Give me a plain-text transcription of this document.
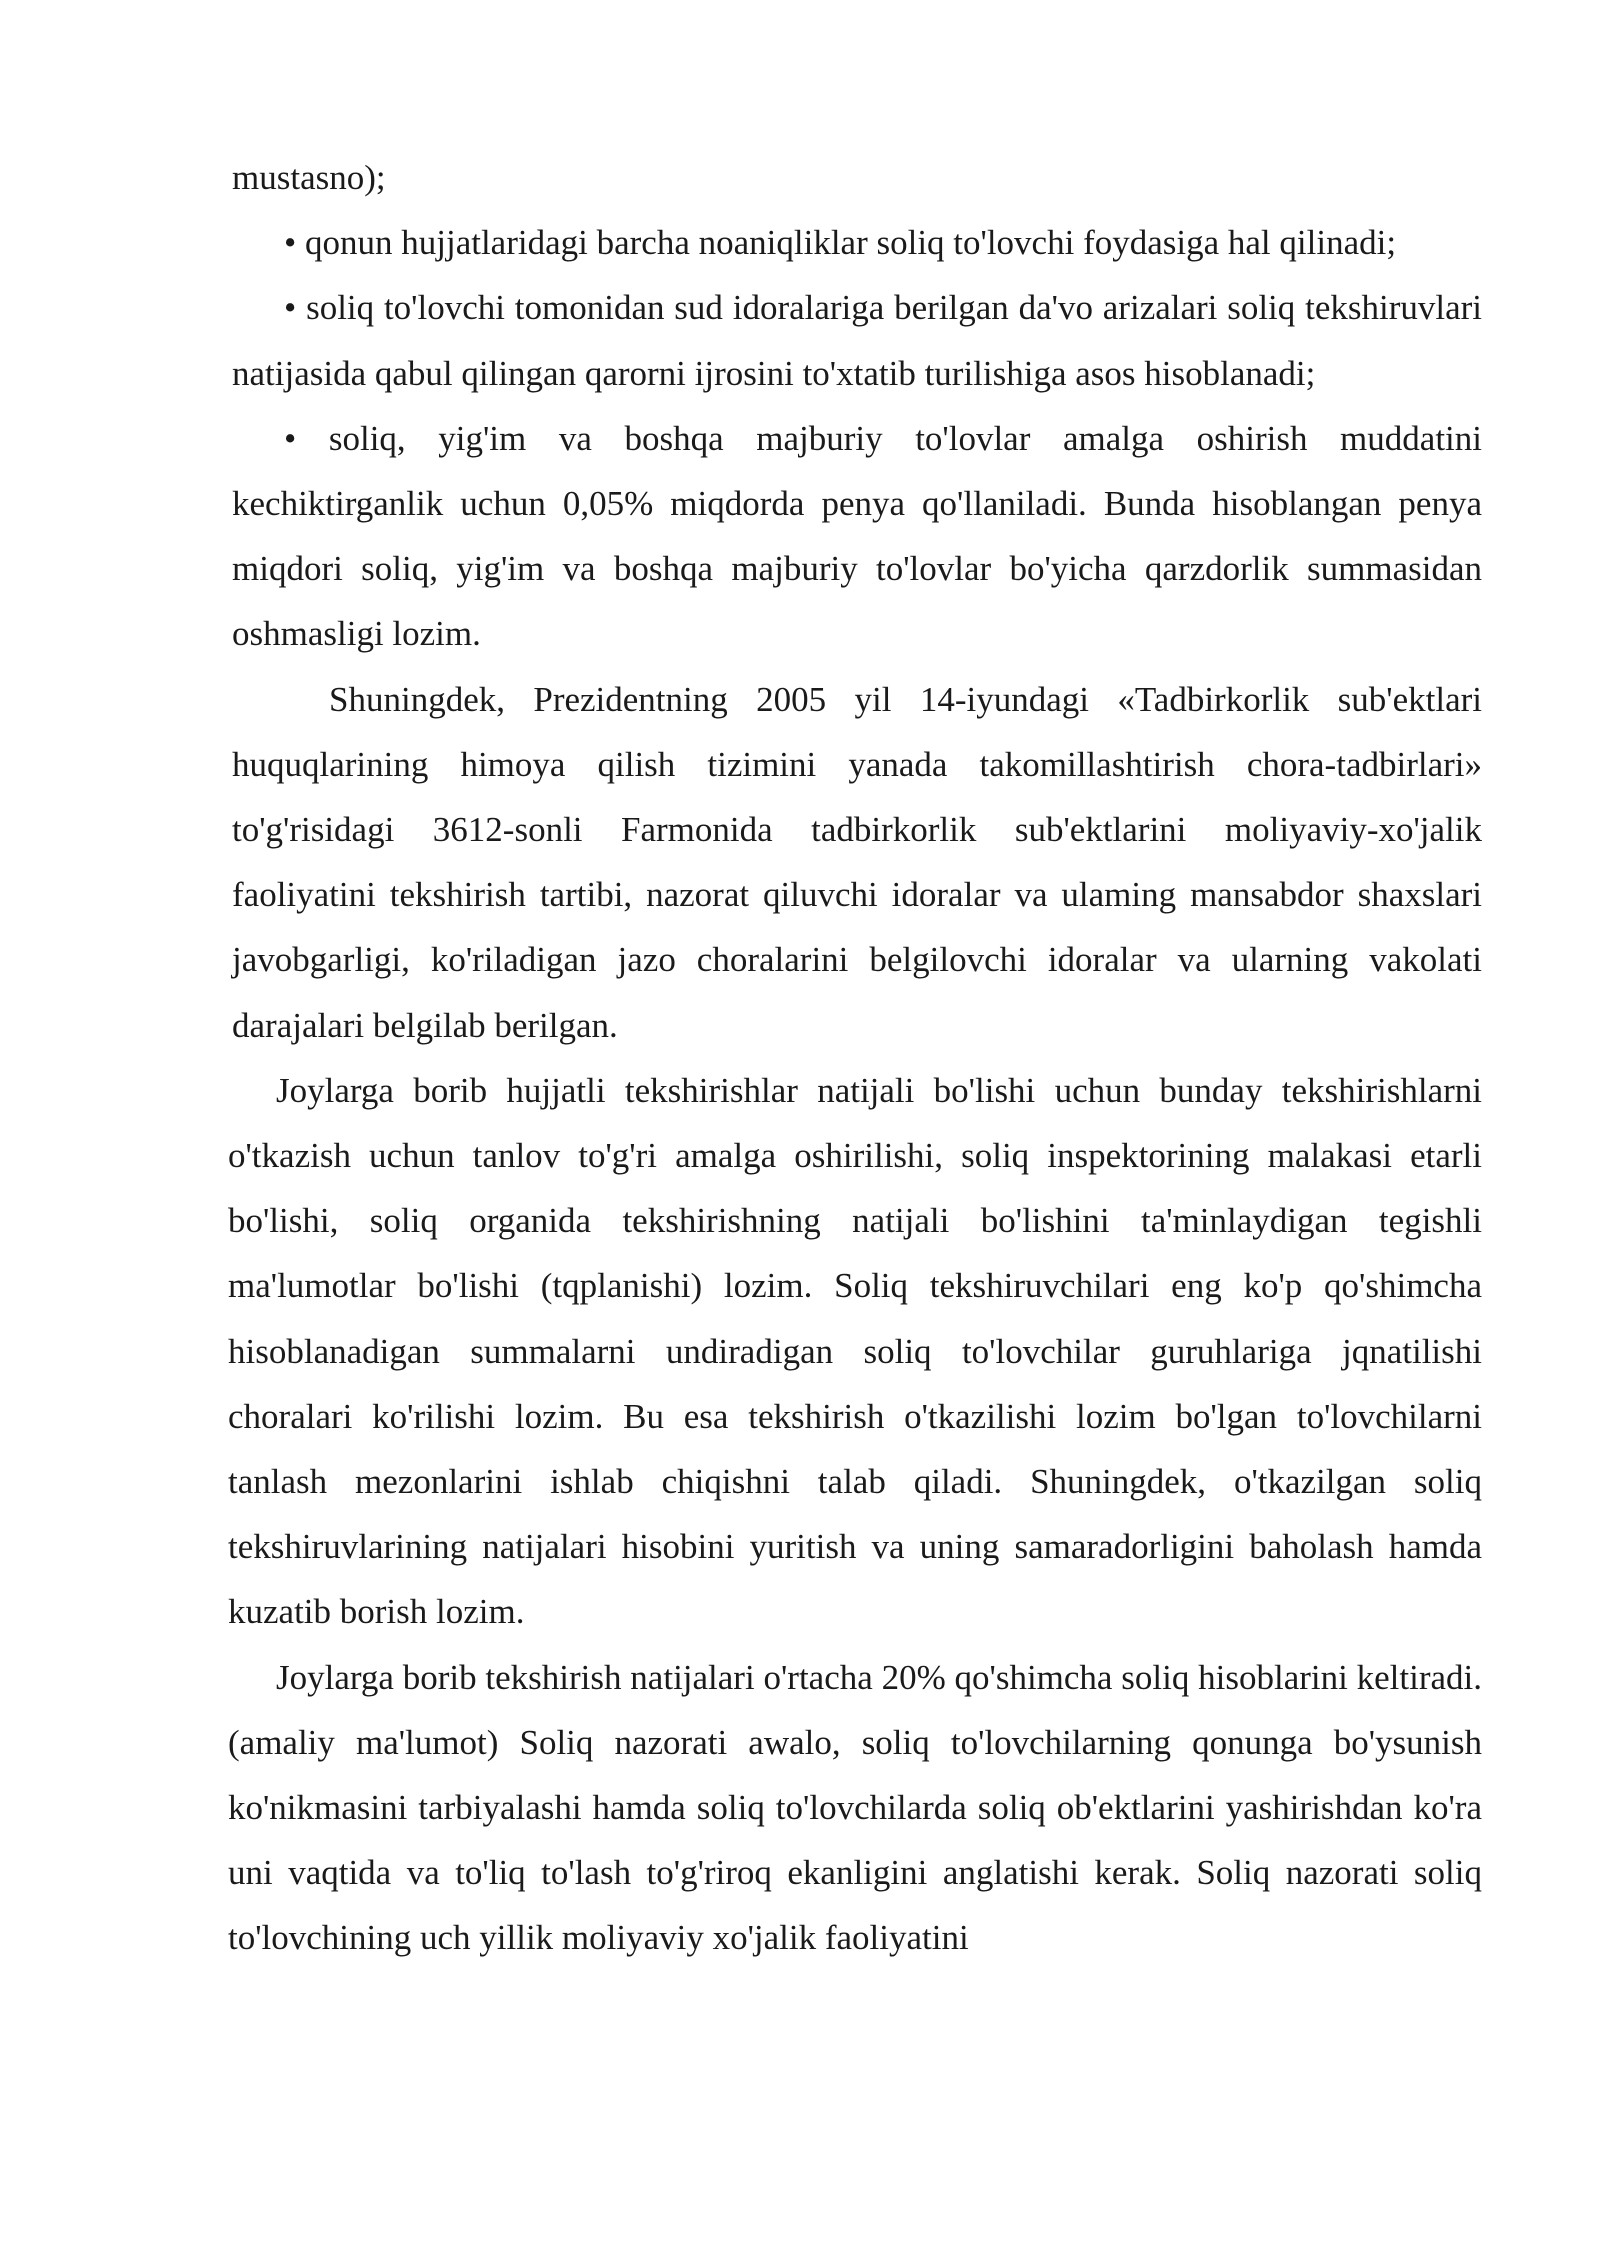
mustasno);

• qonun hujjatlaridagi barcha noaniqliklar soliq to'lovchi foydasiga hal qilinadi;

• soliq to'lovchi tomonidan sud idoralariga berilgan da'vo arizalari soliq tekshiruvlari natijasida qabul qilingan qarorni ijrosini to'xtatib turilishiga asos hisoblanadi;

• soliq, yig'im va boshqa majburiy to'lovlar amalga oshirish muddatini kechiktirganlik uchun 0,05% miqdorda penya qo'llaniladi. Bunda hisoblangan penya miqdori soliq, yig'im va boshqa majburiy to'lovlar bo'yicha qarzdorlik summasidan oshmasligi lozim.

Shuningdek, Prezidentning 2005 yil 14-iyundagi «Tadbirkorlik sub'ektlari huquqlarining himoya qilish tizimini yanada takomillashtirish chora-tadbirlari» to'g'risidagi 3612-sonli Farmonida tadbirkorlik sub'ektlarini moliyaviy-xo'jalik faoliyatini tekshirish tartibi, nazorat qiluvchi idoralar va ulaming mansabdor shaxslari javobgarligi, ko'riladigan jazo choralarini belgilovchi idoralar va ularning vakolati darajalari belgilab berilgan.

Joylarga borib hujjatli tekshirishlar natijali bo'lishi uchun bunday tekshirishlarni o'tkazish uchun tanlov to'g'ri amalga oshirilishi, soliq inspektorining malakasi etarli bo'lishi, soliq organida tekshirishning natijali bo'lishini ta'minlaydigan tegishli ma'lumotlar bo'lishi (tqplanishi) lozim. Soliq tekshiruvchilari eng ko'p qo'shimcha hisoblanadigan summalarni undiradigan soliq to'lovchilar guruhlariga jqnatilishi choralari ko'rilishi lozim. Bu esa tekshirish o'tkazilishi lozim bo'lgan to'lovchilarni tanlash mezonlarini ishlab chiqishni talab qiladi. Shuningdek, o'tkazilgan soliq tekshiruvlarining natijalari hisobini yuritish va uning samaradorligini baholash hamda kuzatib borish lozim.

Joylarga borib tekshirish natijalari o'rtacha 20% qo'shimcha soliq hisoblarini keltiradi. (amaliy ma'lumot) Soliq nazorati awalo, soliq to'lovchilarning qonunga bo'ysunish ko'nikmasini tarbiyalashi hamda soliq to'lovchilarda soliq ob'ektlarini yashirishdan ko'ra uni vaqtida va to'liq to'lash to'g'riroq ekanligini anglatishi kerak. Soliq nazorati soliq to'lovchining uch yillik moliyaviy xo'jalik faoliyatini
